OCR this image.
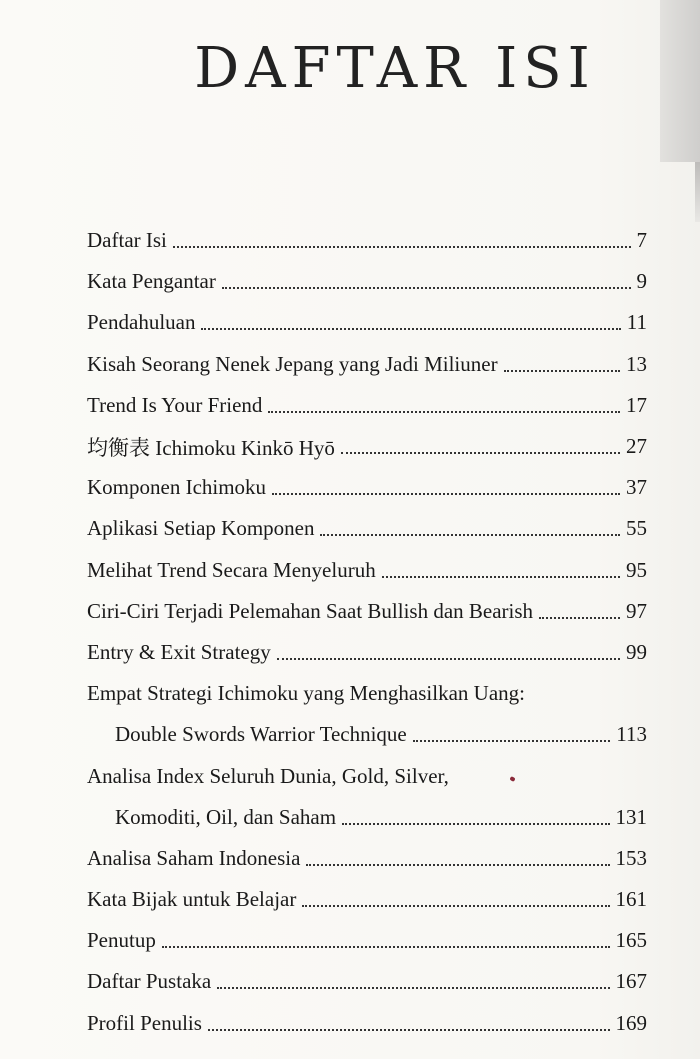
DAFTAR ISI
Daftar Isi	7
Kata Pengantar	9
Pendahuluan	11
Kisah Seorang Nenek Jepang yang Jadi Miliuner	13
Trend Is Your Friend	17
均衡表 Ichimoku Kinkō Hyō	27
Komponen Ichimoku	37
Aplikasi Setiap Komponen	55
Melihat Trend Secara Menyeluruh	95
Ciri-Ciri Terjadi Pelemahan Saat Bullish dan Bearish	97
Entry & Exit Strategy	99
Empat Strategi Ichimoku yang Menghasilkan Uang:
Double Swords Warrior Technique	113
Analisa Index Seluruh Dunia, Gold, Silver,
Komoditi, Oil, dan Saham	131
Analisa Saham Indonesia	153
Kata Bijak untuk Belajar	161
Penutup	165
Daftar Pustaka	167
Profil Penulis	169
